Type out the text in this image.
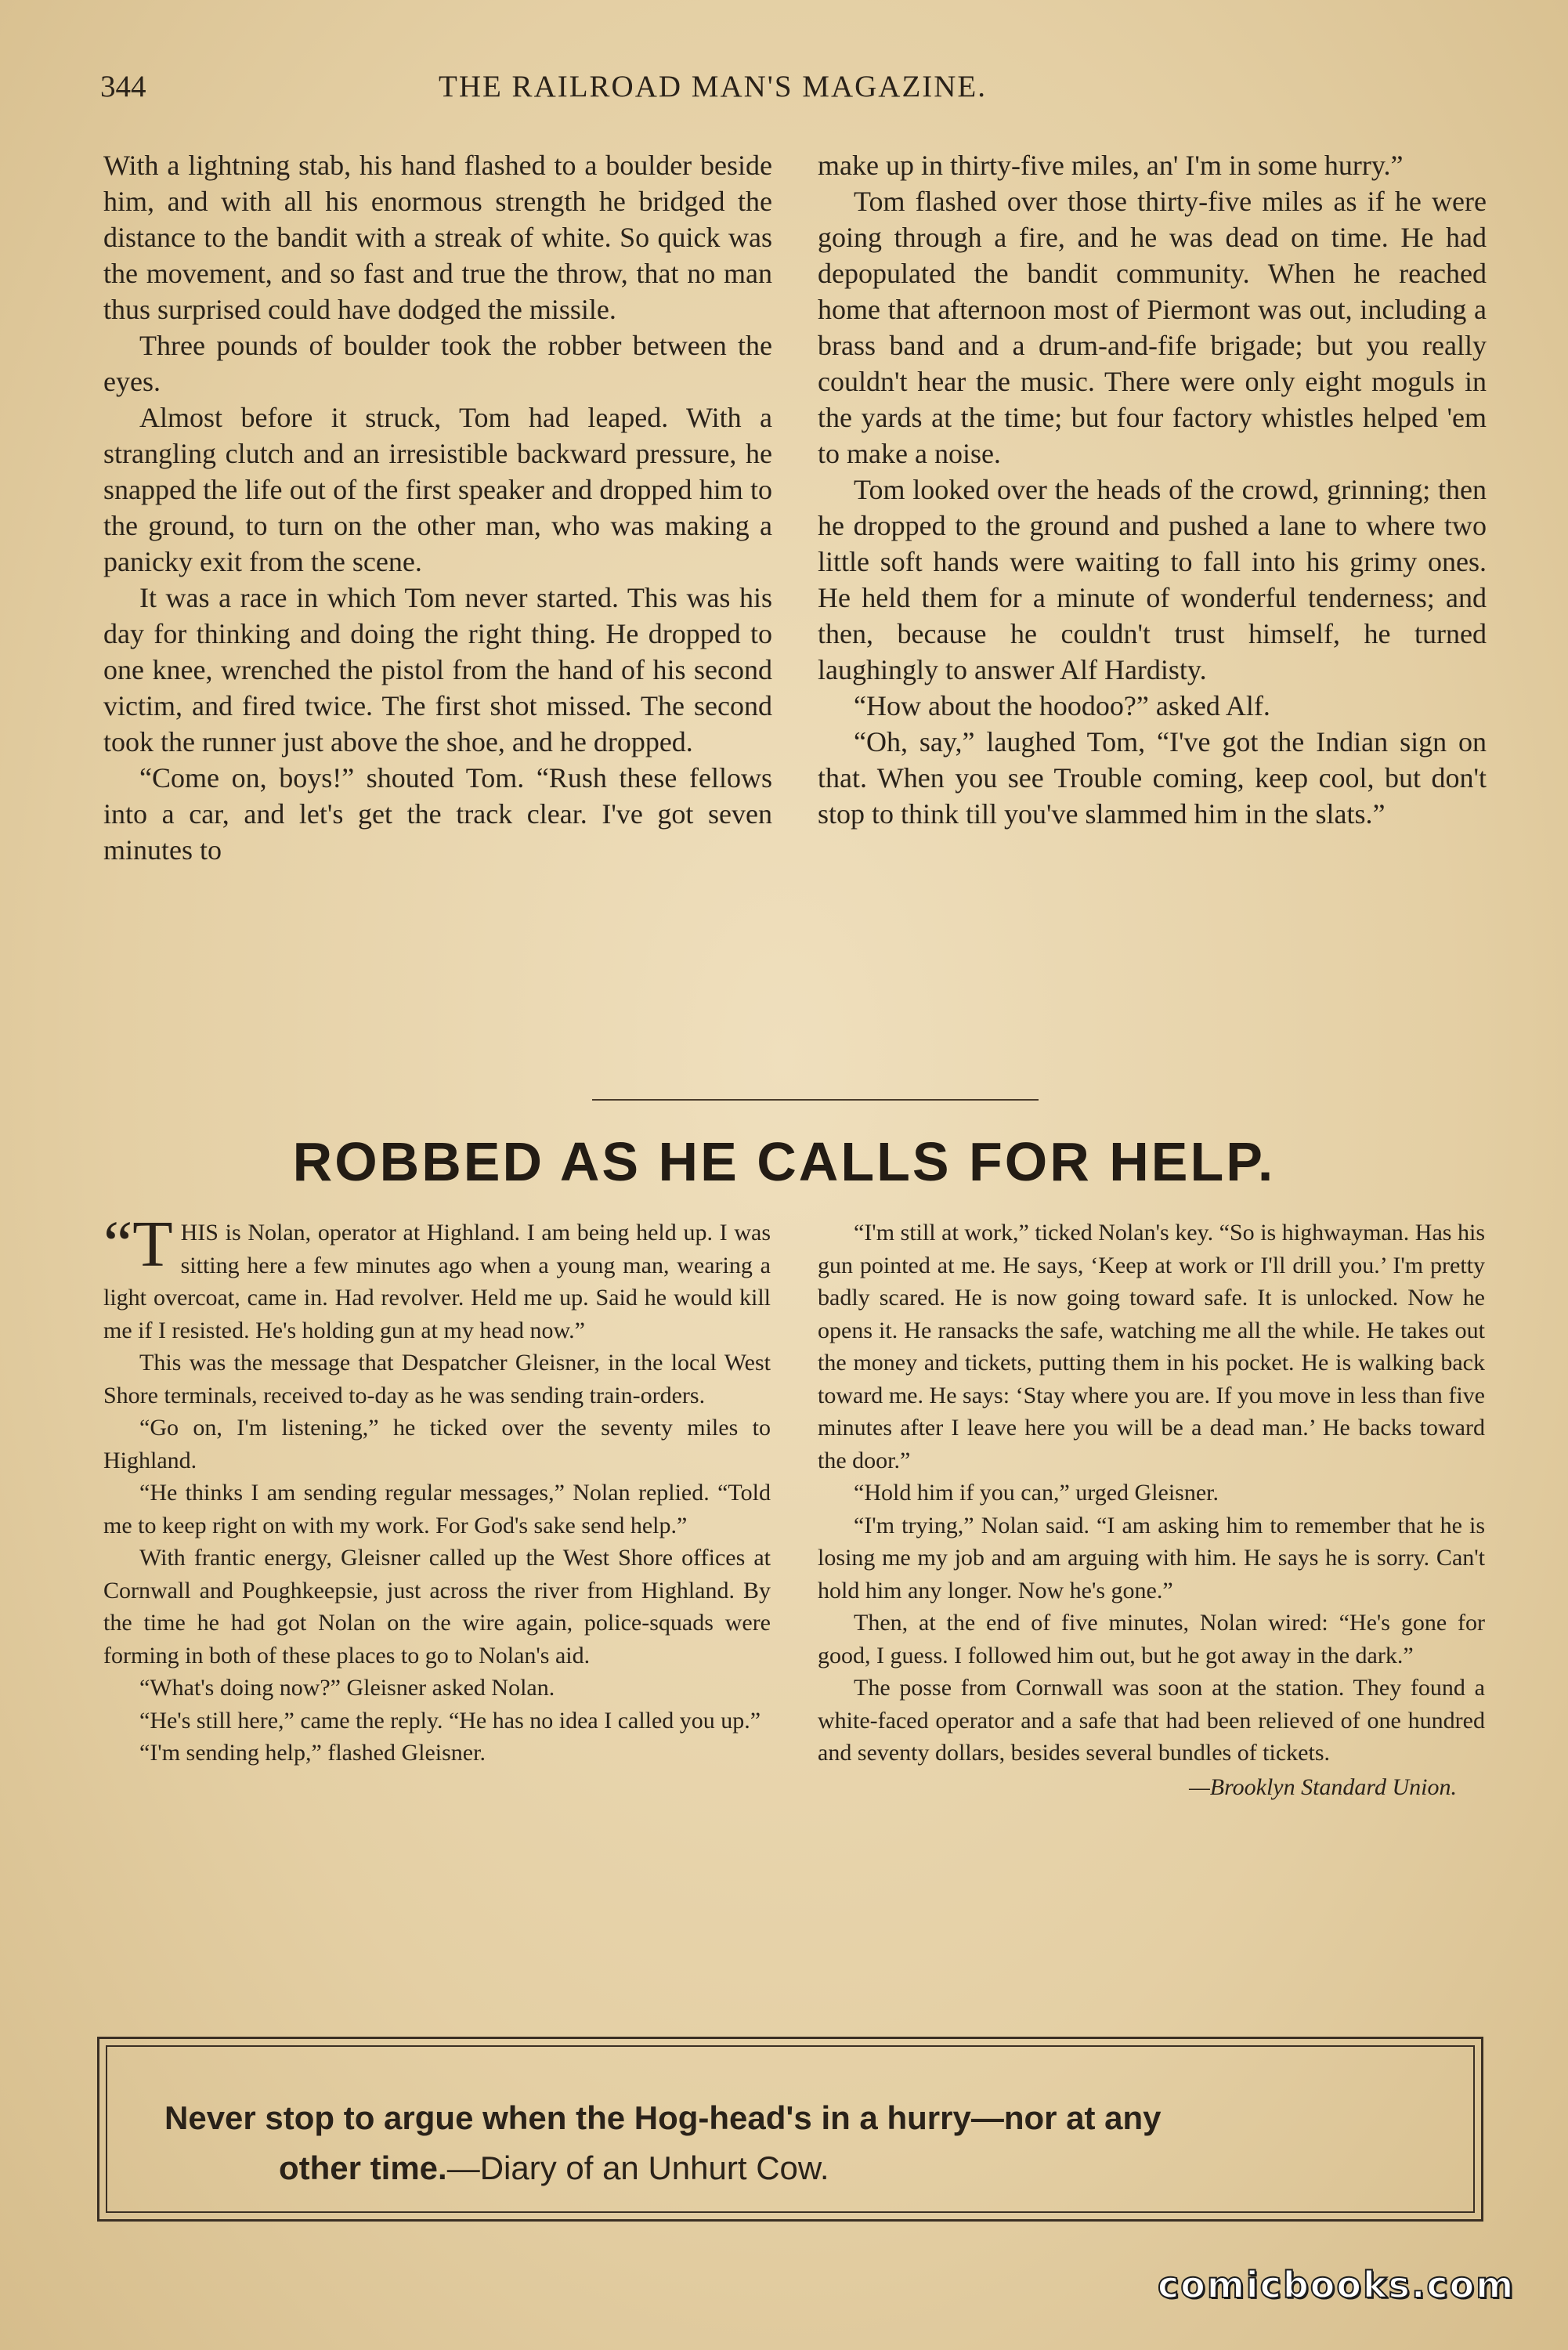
344	THE RAILROAD MAN'S MAGAZINE.

With a lightning stab, his hand flashed to a boulder beside him, and with all his enormous strength he bridged the distance to the bandit with a streak of white. So quick was the movement, and so fast and true the throw, that no man thus surprised could have dodged the missile.

Three pounds of boulder took the robber between the eyes.

Almost before it struck, Tom had leaped. With a strangling clutch and an irresistible backward pressure, he snapped the life out of the first speaker and dropped him to the ground, to turn on the other man, who was making a panicky exit from the scene.

It was a race in which Tom never started. This was his day for thinking and doing the right thing. He dropped to one knee, wrenched the pistol from the hand of his second victim, and fired twice. The first shot missed. The second took the runner just above the shoe, and he dropped.

“Come on, boys!” shouted Tom. “Rush these fellows into a car, and let's get the track clear. I've got seven minutes to

make up in thirty-five miles, an' I'm in some hurry.”

Tom flashed over those thirty-five miles as if he were going through a fire, and he was dead on time. He had depopulated the bandit community. When he reached home that afternoon most of Piermont was out, including a brass band and a drum-and-fife brigade; but you really couldn't hear the music. There were only eight moguls in the yards at the time; but four factory whistles helped 'em to make a noise.

Tom looked over the heads of the crowd, grinning; then he dropped to the ground and pushed a lane to where two little soft hands were waiting to fall into his grimy ones. He held them for a minute of wonderful tenderness; and then, because he couldn't trust himself, he turned laughingly to answer Alf Hardisty.

“How about the hoodoo?” asked Alf.

“Oh, say,” laughed Tom, “I've got the Indian sign on that. When you see Trouble coming, keep cool, but don't stop to think till you've slammed him in the slats.”

ROBBED AS HE CALLS FOR HELP.

“THIS is Nolan, operator at Highland. I am being held up. I was sitting here a few minutes ago when a young man, wearing a light overcoat, came in. Had revolver. Held me up. Said he would kill me if I resisted. He's holding gun at my head now.”

This was the message that Despatcher Gleisner, in the local West Shore terminals, received to-day as he was sending train-orders.

“Go on, I'm listening,” he ticked over the seventy miles to Highland.

“He thinks I am sending regular messages,” Nolan replied. “Told me to keep right on with my work. For God's sake send help.”

With frantic energy, Gleisner called up the West Shore offices at Cornwall and Poughkeepsie, just across the river from Highland. By the time he had got Nolan on the wire again, police-squads were forming in both of these places to go to Nolan's aid.

“What's doing now?” Gleisner asked Nolan.

“He's still here,” came the reply. “He has no idea I called you up.”

“I'm sending help,” flashed Gleisner.

“I'm still at work,” ticked Nolan's key. “So is highwayman. Has his gun pointed at me. He says, ‘Keep at work or I'll drill you.’ I'm pretty badly scared. He is now going toward safe. It is unlocked. Now he opens it. He ransacks the safe, watching me all the while. He takes out the money and tickets, putting them in his pocket. He is walking back toward me. He says: ‘Stay where you are. If you move in less than five minutes after I leave here you will be a dead man.’ He backs toward the door.”

“Hold him if you can,” urged Gleisner.

“I'm trying,” Nolan said. “I am asking him to remember that he is losing me my job and am arguing with him. He says he is sorry. Can't hold him any longer. Now he's gone.”

Then, at the end of five minutes, Nolan wired: “He's gone for good, I guess. I followed him out, but he got away in the dark.”

The posse from Cornwall was soon at the station. They found a white-faced operator and a safe that had been relieved of one hundred and seventy dollars, besides several bundles of tickets.

—Brooklyn Standard Union.
Never stop to argue when the Hog-head's in a hurry—nor at any
other time.—Diary of an Unhurt Cow.
comicbooks.com
